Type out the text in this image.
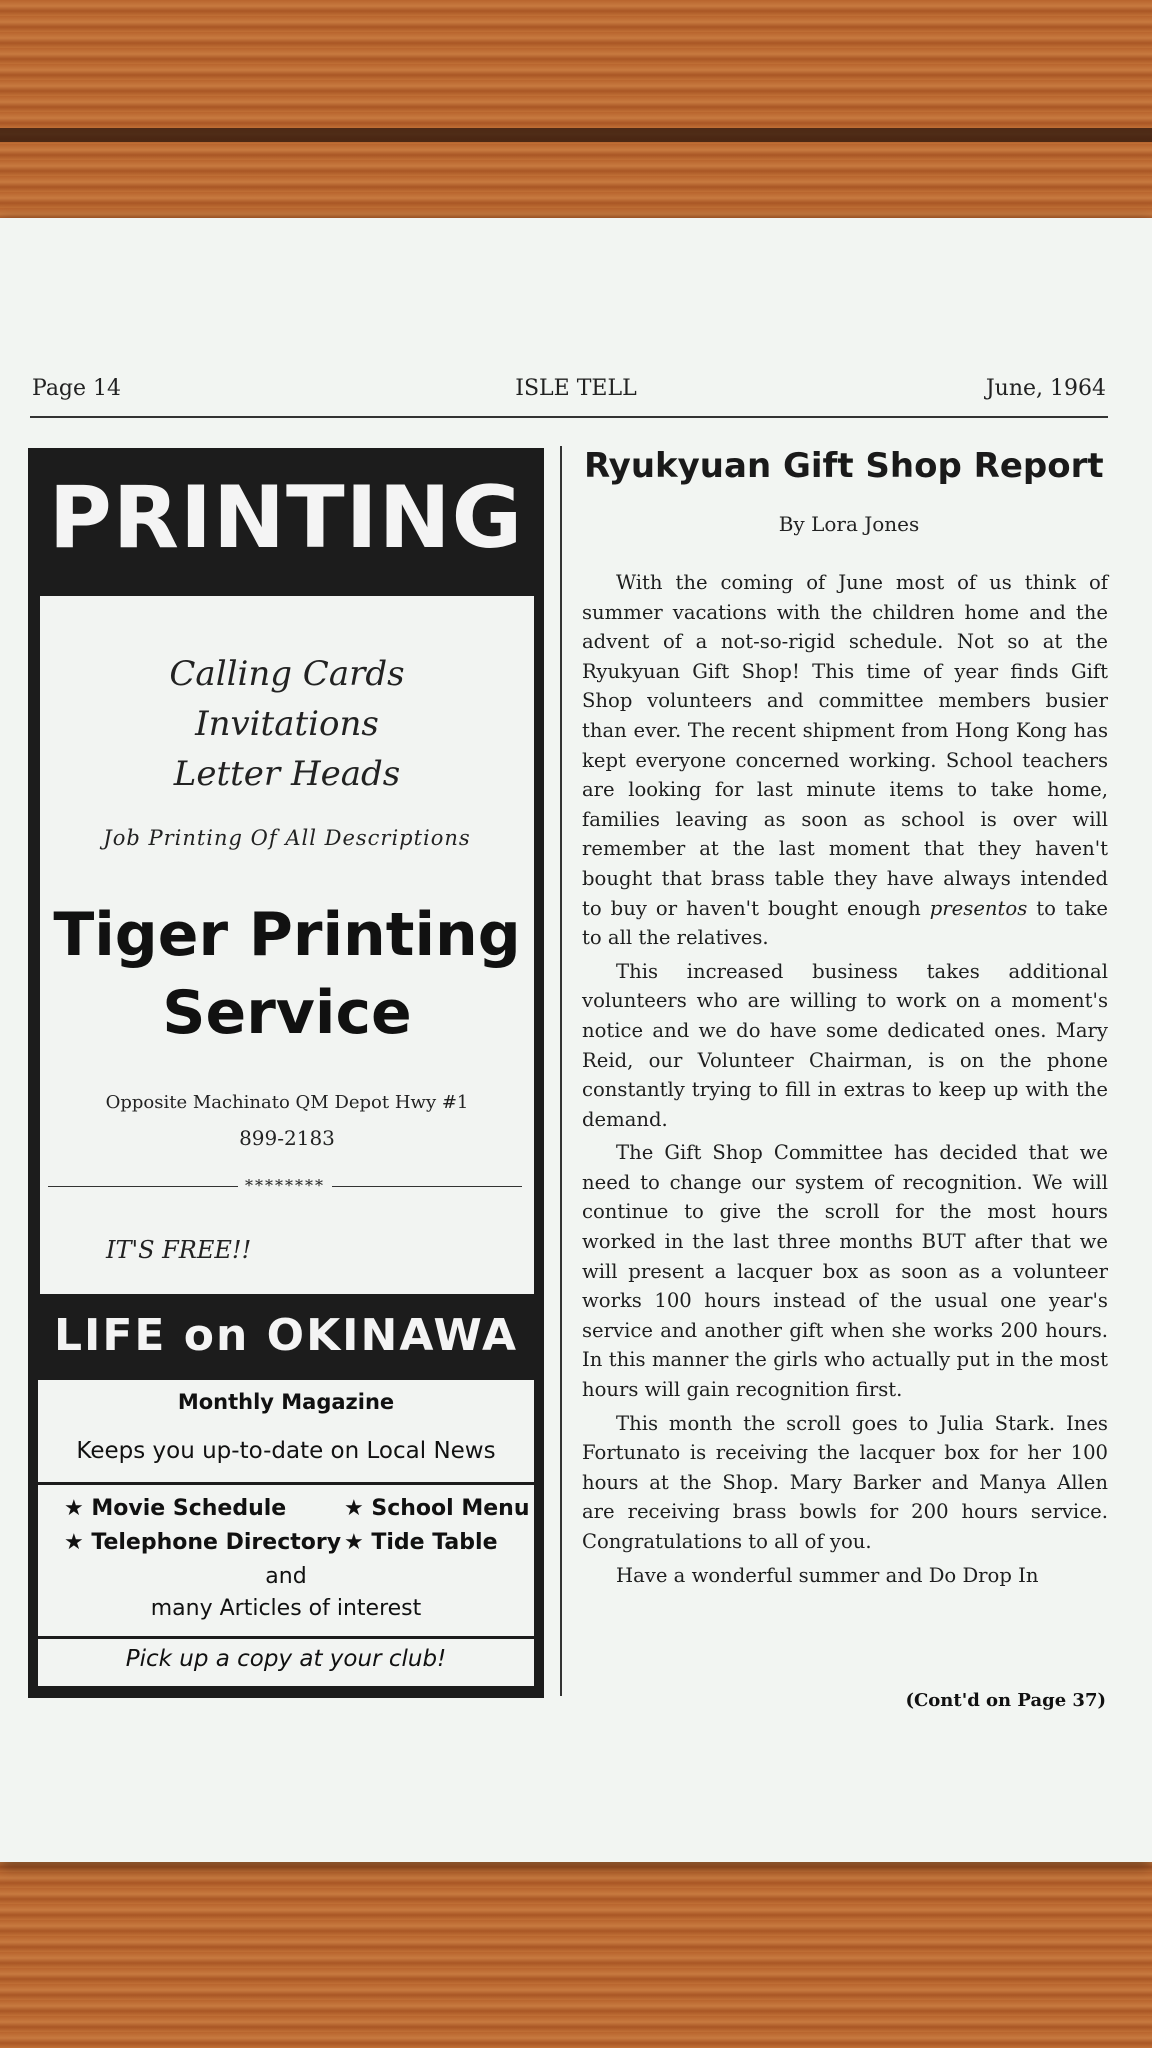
Page 14	ISLE TELL	June, 1964
PRINTING
Calling Cards
Invitations
Letter Heads
Job Printing Of All Descriptions
Tiger Printing
Service
Opposite Machinato QM Depot Hwy #1
899-2183
********
IT'S FREE!!
LIFE on OKINAWA
Monthly Magazine
Keeps you up-to-date on Local News
★ Movie Schedule	★ School Menu
★ Telephone Directory ★ Tide Table
and
many Articles of interest
Pick up a copy at your club!
Ryukyuan Gift Shop Report
By Lora Jones

With the coming of June most of us think of summer vacations with the children home and the advent of a not-so-rigid schedule. Not so at the Ryukyuan Gift Shop! This time of year finds Gift Shop volunteers and committee members busier than ever. The recent shipment from Hong Kong has kept everyone concerned working. School teachers are looking for last minute items to take home, families leaving as soon as school is over will remember at the last moment that they haven't bought that brass table they have always intended to buy or haven't bought enough presentos to take to all the relatives.

This increased business takes additional volunteers who are willing to work on a moment's notice and we do have some dedicated ones. Mary Reid, our Volunteer Chairman, is on the phone constantly trying to fill in extras to keep up with the demand.

The Gift Shop Committee has decided that we need to change our system of recognition. We will continue to give the scroll for the most hours worked in the last three months BUT after that we will present a lacquer box as soon as a volunteer works 100 hours instead of the usual one year's service and another gift when she works 200 hours. In this manner the girls who actually put in the most hours will gain recognition first.

This month the scroll goes to Julia Stark. Ines Fortunato is receiving the lacquer box for her 100 hours at the Shop. Mary Barker and Manya Allen are receiving brass bowls for 200 hours service. Congratulations to all of you.

Have a wonderful summer and Do Drop In

(Cont'd on Page 37)
